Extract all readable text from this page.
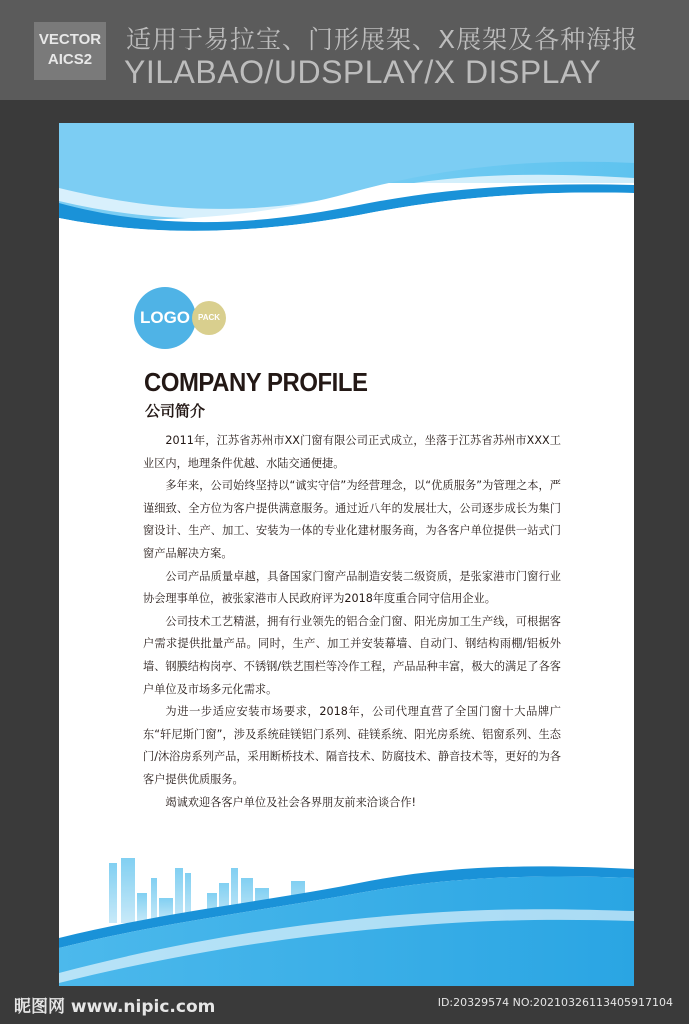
VECTOR
AICS2
适用于易拉宝、门形展架、X展架及各种海报
YILABAO/UDSPLAY/X DISPLAY
LOGO PACK
COMPANY PROFILE
公司简介

2011年，江苏省苏州市XX门窗有限公司正式成立，坐落于江苏省苏州市XXX工业区内，地理条件优越、水陆交通便捷。

多年来，公司始终坚持以“诚实守信”为经营理念，以“优质服务”为管理之本，严谨细致、全方位为客户提供满意服务。通过近八年的发展壮大，公司逐步成长为集门窗设计、生产、加工、安装为一体的专业化建材服务商，为各客户单位提供一站式门窗产品解决方案。

公司产品质量卓越，具备国家门窗产品制造安装二级资质，是张家港市门窗行业协会理事单位，被张家港市人民政府评为2018年度重合同守信用企业。

公司技术工艺精湛，拥有行业领先的铝合金门窗、阳光房加工生产线，可根据客户需求提供批量产品。同时，生产、加工并安装幕墙、自动门、钢结构雨棚/铝板外墙、钢膜结构岗亭、不锈钢/铁艺围栏等冷作工程，产品品种丰富，极大的满足了各客户单位及市场多元化需求。

为进一步适应安装市场要求，2018年，公司代理直营了全国门窗十大品牌广东“轩尼斯门窗”，涉及系统硅镁铝门系列、硅镁系统、阳光房系统、铝窗系列、生态门/沐浴房系列产品，采用断桥技术、隔音技术、防腐技术、静音技术等，更好的为各客户提供优质服务。

竭诚欢迎各客户单位及社会各界朋友前来洽谈合作!

昵图网 www.nipic.com	ID:20329574 NO:20210326113405917104
